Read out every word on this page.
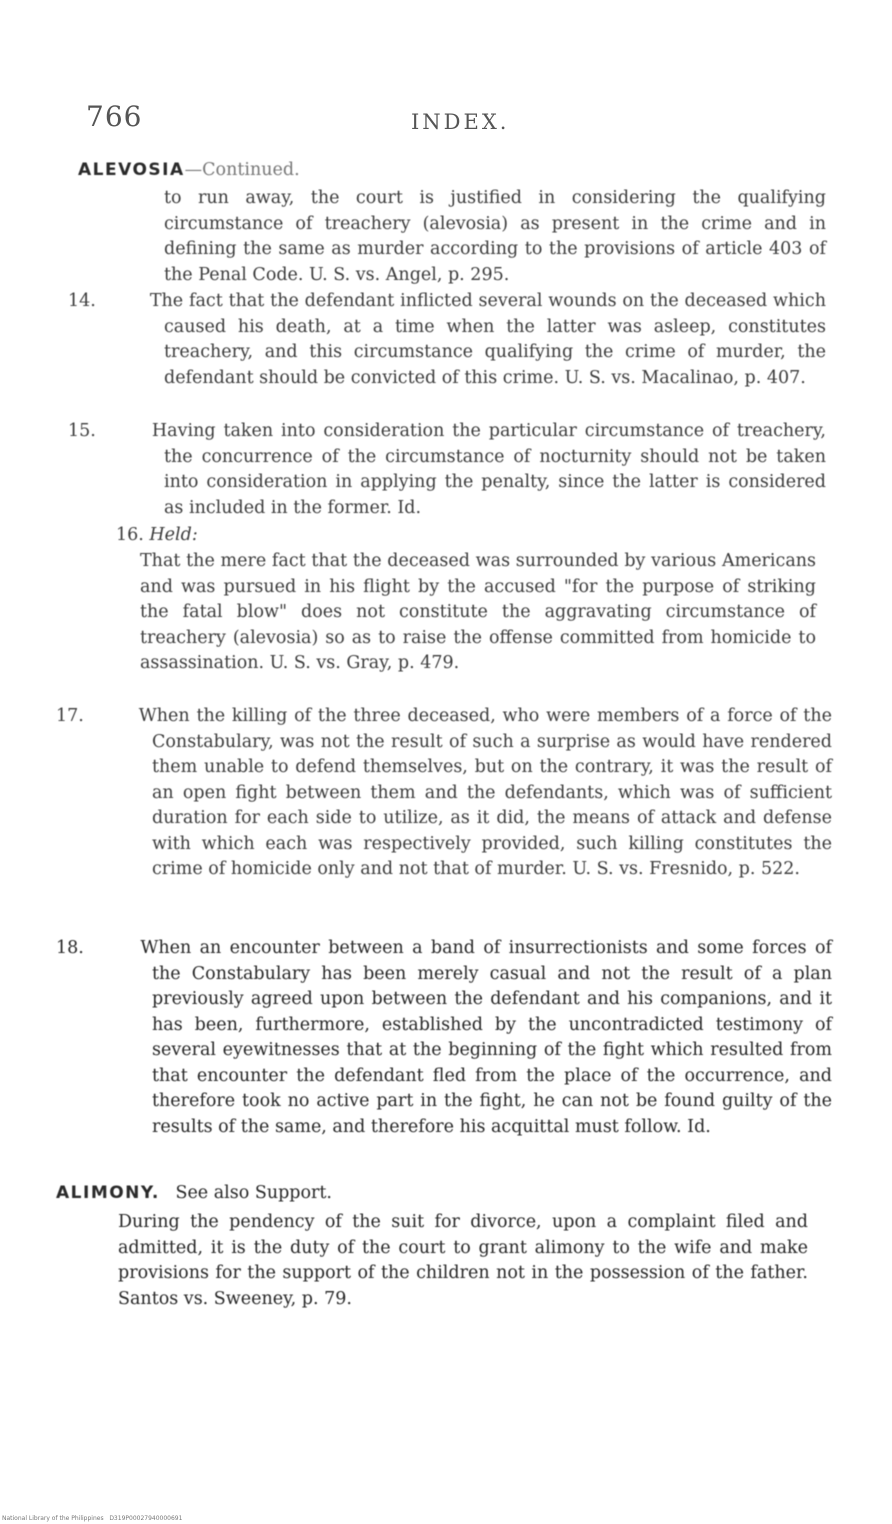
766	INDEX.
ALEVOSIA—Continued.

to run away, the court is justified in considering the qualifying circumstance of treachery (alevosia) as present in the crime and in defining the same as murder according to the provisions of article 403 of the Penal Code. U. S. vs. Angel, p. 295.

14.	The fact that the defendant inflicted several wounds on the deceased which caused his death, at a time when the latter was asleep, constitutes treachery, and this circumstance qualifying the crime of murder, the defendant should be convicted of this crime. U. S. vs. Macalinao, p. 407.

15.	Having taken into consideration the particular circumstance of treachery, the concurrence of the circumstance of nocturnity should not be taken into consideration in applying the penalty, since the latter is considered as included in the former. Id.

16. Held:

That the mere fact that the deceased was surrounded by various Americans and was pursued in his flight by the accused "for the purpose of striking the fatal blow" does not constitute the aggravating circumstance of treachery (alevosia) so as to raise the offense committed from homicide to assassination. U. S. vs. Gray, p. 479.

17.	When the killing of the three deceased, who were members of a force of the Constabulary, was not the result of such a surprise as would have rendered them unable to defend themselves, but on the contrary, it was the result of an open fight between them and the defendants, which was of sufficient duration for each side to utilize, as it did, the means of attack and defense with which each was respectively provided, such killing constitutes the crime of homicide only and not that of murder. U. S. vs. Fresnido, p. 522.

18.	When an encounter between a band of insurrectionists and some forces of the Constabulary has been merely casual and not the result of a plan previously agreed upon between the defendant and his companions, and it has been, furthermore, established by the uncontradicted testimony of several eyewitnesses that at the beginning of the fight which resulted from that encounter the defendant fled from the place of the occurrence, and therefore took no active part in the fight, he can not be found guilty of the results of the same, and therefore his acquittal must follow. Id.

ALIMONY. See also Support.

During the pendency of the suit for divorce, upon a complaint filed and admitted, it is the duty of the court to grant alimony to the wife and make provisions for the support of the children not in the possession of the father. Santos vs. Sweeney, p. 79.

National Library of the Philippines D319P00027940000691
